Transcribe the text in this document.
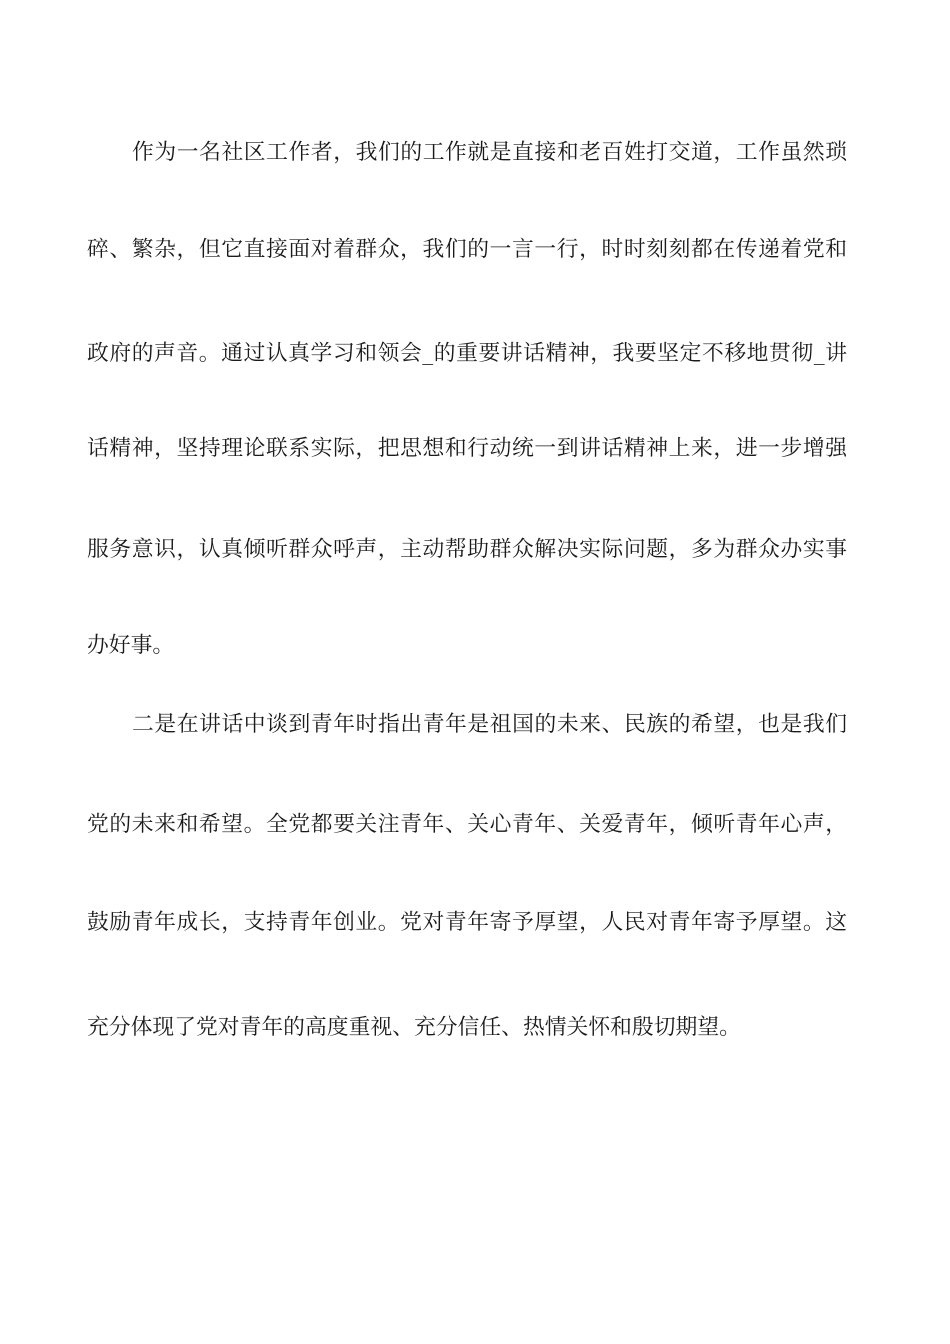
作为一名社区工作者，我们的工作就是直接和老百姓打交道，工作虽然琐

碎、繁杂，但它直接面对着群众，我们的一言一行，时时刻刻都在传递着党和

政府的声音。通过认真学习和领会_的重要讲话精神，我要坚定不移地贯彻_讲

话精神，坚持理论联系实际，把思想和行动统一到讲话精神上来，进一步增强

服务意识，认真倾听群众呼声，主动帮助群众解决实际问题，多为群众办实事

办好事。

二是在讲话中谈到青年时指出青年是祖国的未来、民族的希望，也是我们

党的未来和希望。全党都要关注青年、关心青年、关爱青年，倾听青年心声，

鼓励青年成长，支持青年创业。党对青年寄予厚望，人民对青年寄予厚望。这

充分体现了党对青年的高度重视、充分信任、热情关怀和殷切期望。
